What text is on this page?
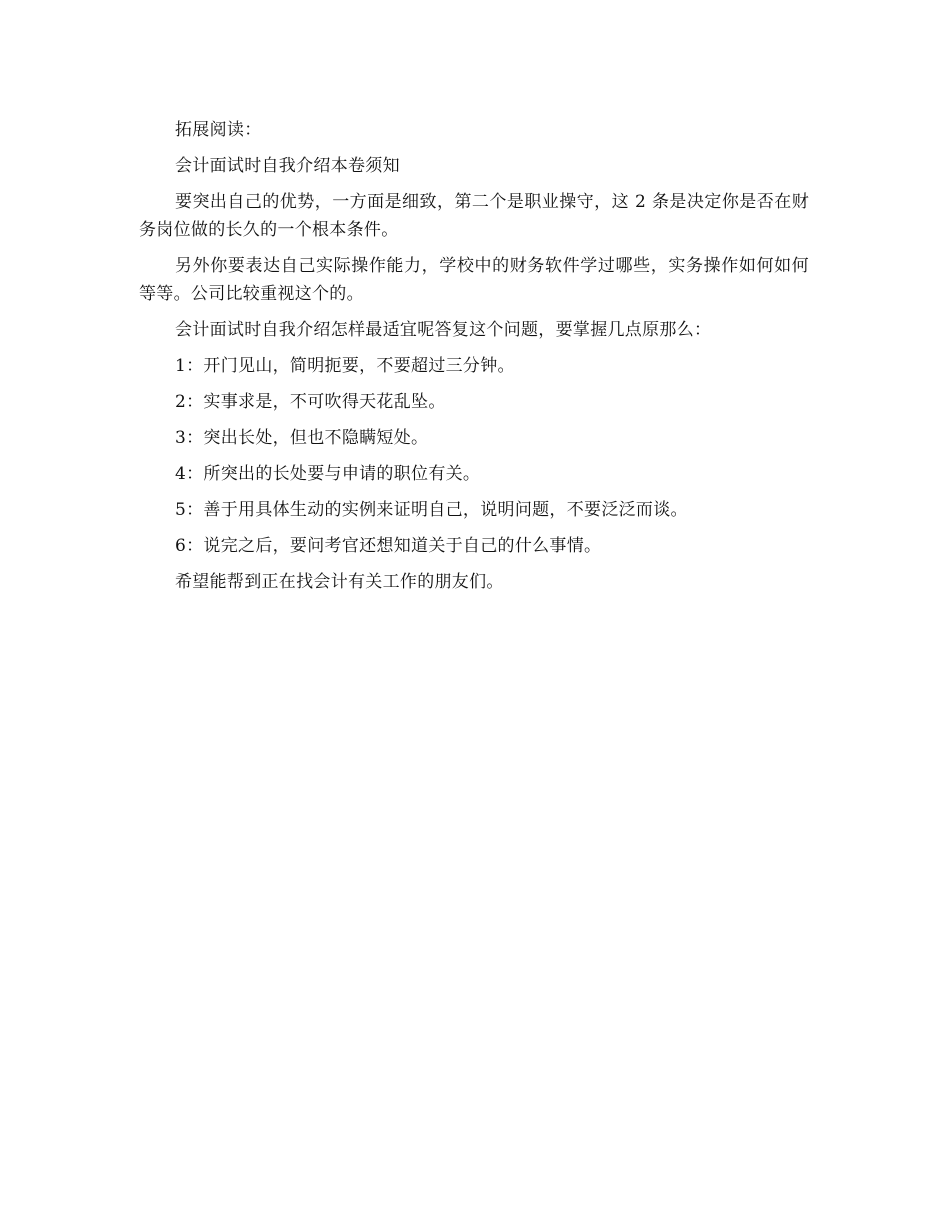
拓展阅读：

会计面试时自我介绍本卷须知

要突出自己的优势，一方面是细致，第二个是职业操守，这 2 条是决定你是否在财务岗位做的长久的一个根本条件。

另外你要表达自己实际操作能力，学校中的财务软件学过哪些，实务操作如何如何等等。公司比较重视这个的。

会计面试时自我介绍怎样最适宜呢答复这个问题，要掌握几点原那么：

1：开门见山，简明扼要，不要超过三分钟。

2：实事求是，不可吹得天花乱坠。

3：突出长处，但也不隐瞒短处。

4：所突出的长处要与申请的职位有关。

5：善于用具体生动的实例来证明自己，说明问题，不要泛泛而谈。

6：说完之后，要问考官还想知道关于自己的什么事情。

希望能帮到正在找会计有关工作的朋友们。
